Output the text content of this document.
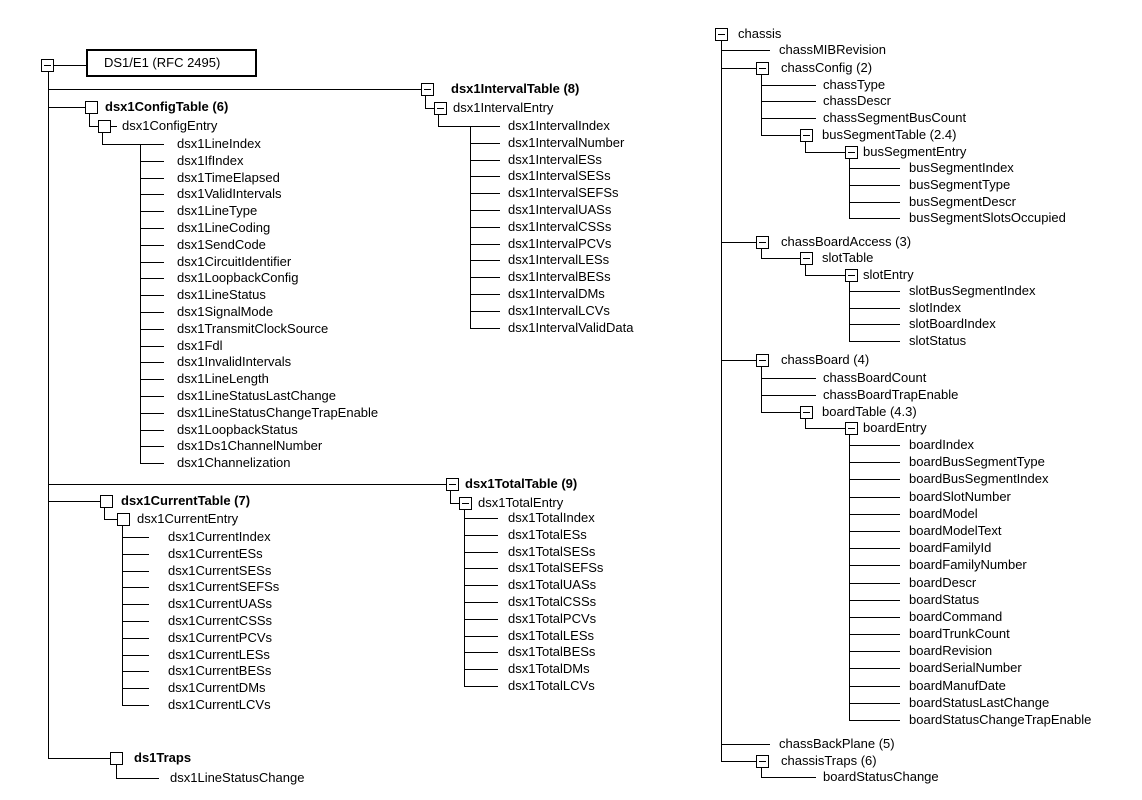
DS1/E1 (RFC 2495)
dsx1IntervalTable (8)
dsx1IntervalEntry
dsx1IntervalIndex
dsx1IntervalNumber
dsx1IntervalESs
dsx1IntervalSESs
dsx1IntervalSEFSs
dsx1IntervalUASs
dsx1IntervalCSSs
dsx1IntervalPCVs
dsx1IntervalLESs
dsx1IntervalBESs
dsx1IntervalDMs
dsx1IntervalLCVs
dsx1IntervalValidData
dsx1ConfigTable (6)
dsx1ConfigEntry
dsx1LineIndex
dsx1IfIndex
dsx1TimeElapsed
dsx1ValidIntervals
dsx1LineType
dsx1LineCoding
dsx1SendCode
dsx1CircuitIdentifier
dsx1LoopbackConfig
dsx1LineStatus
dsx1SignalMode
dsx1TransmitClockSource
dsx1Fdl
dsx1InvalidIntervals
dsx1LineLength
dsx1LineStatusLastChange
dsx1LineStatusChangeTrapEnable
dsx1LoopbackStatus
dsx1Ds1ChannelNumber
dsx1Channelization
dsx1TotalTable (9)
dsx1TotalEntry
dsx1TotalIndex
dsx1TotalESs
dsx1TotalSESs
dsx1TotalSEFSs
dsx1TotalUASs
dsx1TotalCSSs
dsx1TotalPCVs
dsx1TotalLESs
dsx1TotalBESs
dsx1TotalDMs
dsx1TotalLCVs
dsx1CurrentTable (7)
dsx1CurrentEntry
dsx1CurrentIndex
dsx1CurrentESs
dsx1CurrentSESs
dsx1CurrentSEFSs
dsx1CurrentUASs
dsx1CurrentCSSs
dsx1CurrentPCVs
dsx1CurrentLESs
dsx1CurrentBESs
dsx1CurrentDMs
dsx1CurrentLCVs
ds1Traps
dsx1LineStatusChange
chassis
chassMIBRevision
chassConfig (2)
chassType
chassDescr
chassSegmentBusCount
busSegmentTable (2.4)
busSegmentEntry
busSegmentIndex
busSegmentType
busSegmentDescr
busSegmentSlotsOccupied
chassBoardAccess (3)
slotTable
slotEntry
slotBusSegmentIndex
slotIndex
slotBoardIndex
slotStatus
chassBoard (4)
chassBoardCount
chassBoardTrapEnable
boardTable (4.3)
boardEntry
boardIndex
boardBusSegmentType
boardBusSegmentIndex
boardSlotNumber
boardModel
boardModelText
boardFamilyId
boardFamilyNumber
boardDescr
boardStatus
boardCommand
boardTrunkCount
boardRevision
boardSerialNumber
boardManufDate
boardStatusLastChange
boardStatusChangeTrapEnable
chassBackPlane (5)
chassisTraps (6)
boardStatusChange
